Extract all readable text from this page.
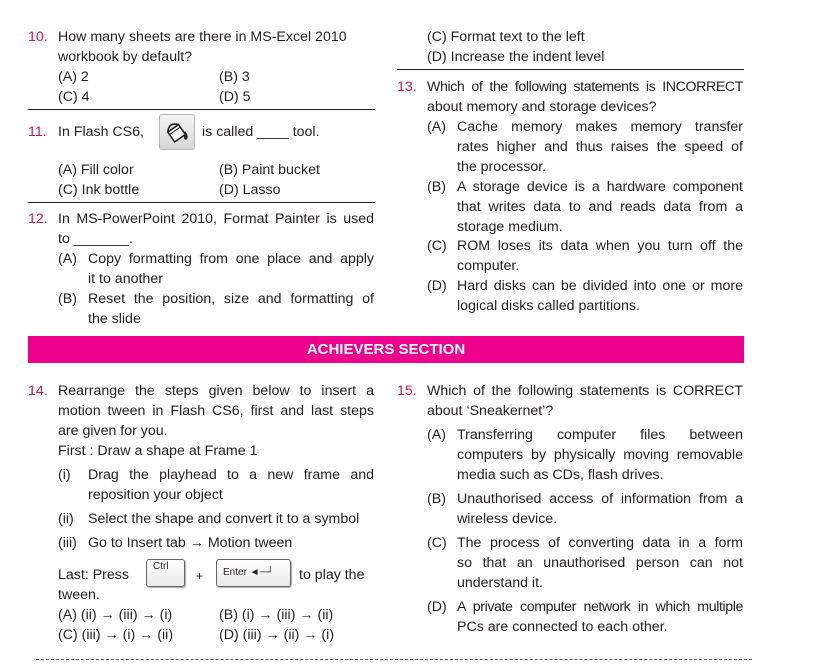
10. How many sheets are there in MS-Excel 2010
workbook by default?
(A) 2	(B) 3
(C) 4	(D) 5
11. In Flash CS6,	is called ____ tool.
(A) Fill color	(B) Paint bucket
(C) Ink bottle	(D) Lasso
12. In MS-PowerPoint 2010, Format Painter is used
to _______.
(A) Copy formatting from one place and apply
it to another
(B) Reset the position, size and formatting of
the slide
(C) Format text to the left
(D) Increase the indent level
13. Which of the following statements is INCORRECT
about memory and storage devices?
(A) Cache memory makes memory transfer
rates higher and thus raises the speed of
the processor.
(B) A storage device is a hardware component
that writes data to and reads data from a
storage medium.
(C) ROM loses its data when you turn off the
computer.
(D) Hard disks can be divided into one or more
logical disks called partitions.
ACHIEVERS SECTION
14. Rearrange the steps given below to insert a
motion tween in Flash CS6, first and last steps
are given for you.
First : Draw a shape at Frame 1
(i) Drag the playhead to a new frame and
reposition your object
(ii) Select the shape and convert it to a symbol
(iii) Go to Insert tab → Motion tween
Last: Press
Ctrl
+	Enter ◄─┘	to play the
tween.
(A) (ii) → (iii) → (i)	(B) (i) → (iii) → (ii)
(C) (iii) → (i) → (ii)	(D) (iii) → (ii) → (i)
15. Which of the following statements is CORRECT
about ‘Sneakernet’?
(A) Transferring computer files between
computers by physically moving removable
media such as CDs, flash drives.
(B) Unauthorised access of information from a
wireless device.
(C) The process of converting data in a form
so that an unauthorised person can not
understand it.
(D) A private computer network in which multiple
PCs are connected to each other.
